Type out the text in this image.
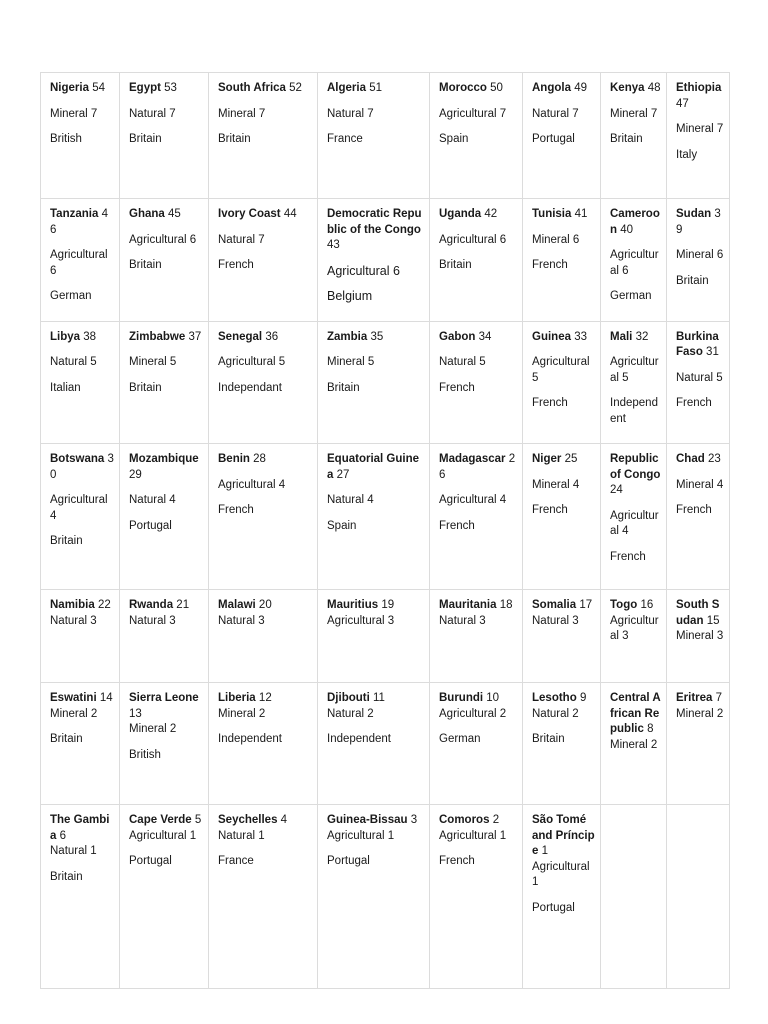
Nigeria 54
Mineral 7
British	Egypt 53
Natural 7
Britain	South Africa 52
Mineral 7
Britain	Algeria 51
Natural 7
France	Morocco 50
Agricultural 7
Spain	Angola 49
Natural 7
Portugal	Kenya 48
Mineral 7
Britain	Ethiopia 47
Mineral 7
Italy

Tanzania 46
Agricultural 6
German	Ghana 45
Agricultural 6
Britain	Ivory Coast 44
Natural 7
French	Democratic Republic of the Congo 43
Agricultural 6
Belgium	Uganda 42
Agricultural 6
Britain	Tunisia 41
Mineral 6
French	Cameroon 40
Agricultural 6
German	Sudan 39
Mineral 6
Britain

Libya 38
Natural 5
Italian	Zimbabwe 37
Mineral 5
Britain	Senegal 36
Agricultural 5
Independant	Zambia 35
Mineral 5
Britain	Gabon 34
Natural 5
French	Guinea 33
Agricultural 5
French	Mali 32
Agricultural 5
Independent	Burkina Faso 31
Natural 5
French

Botswana 30
Agricultural 4
Britain	Mozambique 29
Natural 4
Portugal	Benin 28
Agricultural 4
French	Equatorial Guinea 27
Natural 4
Spain	Madagascar 26
Agricultural 4
French	Niger 25
Mineral 4
French	Republic of Congo 24
Agricultural 4
French	Chad 23
Mineral 4
French

Namibia 22
Natural 3	Rwanda 21
Natural 3	Malawi 20
Natural 3	Mauritius 19
Agricultural 3	Mauritania 18
Natural 3	Somalia 17
Natural 3	Togo 16
Agricultural 3	South Sudan 15
Mineral 3

Eswatini 14
Mineral 2
Britain	Sierra Leone 13
Mineral 2
British	Liberia 12
Mineral 2
Independent	Djibouti 11
Natural 2
Independent	Burundi 10
Agricultural 2
German	Lesotho 9
Natural 2
Britain	Central African Republic 8
Mineral 2	Eritrea 7
Mineral 2

The Gambia 6
Natural 1
Britain	Cape Verde 5
Agricultural 1
Portugal	Seychelles 4
Natural 1
France	Guinea-Bissau 3
Agricultural 1
Portugal	Comoros 2
Agricultural 1
French	São Tomé and Príncipe 1
Agricultural 1
Portugal		
